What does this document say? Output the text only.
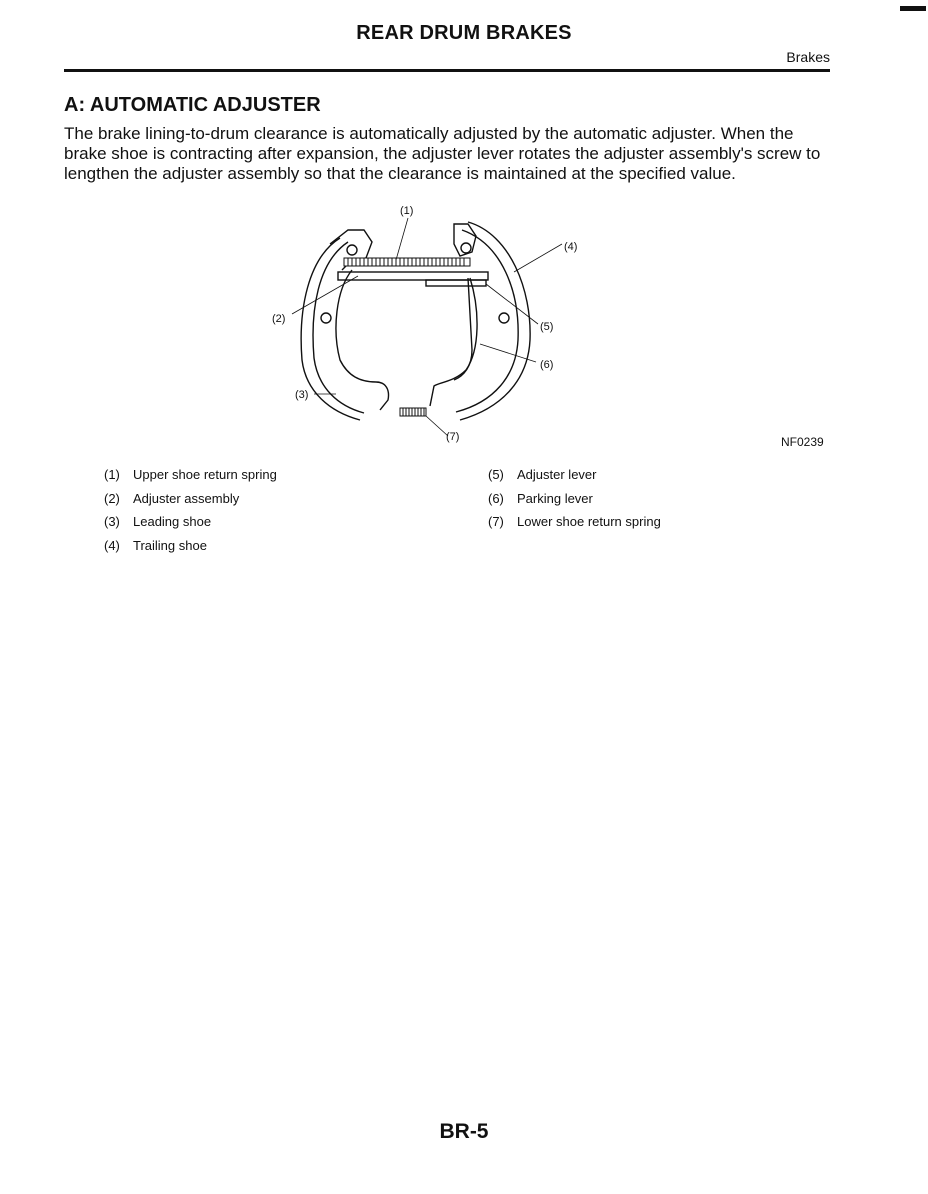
REAR DRUM BRAKES
Brakes
A: AUTOMATIC ADJUSTER
The brake lining-to-drum clearance is automatically adjusted by the automatic adjuster. When the brake shoe is contracting after expansion, the adjuster lever rotates the adjuster assembly's screw to lengthen the adjuster assembly so that the clearance is maintained at the specified value.
(1)
(2)
(3)
(4)
(5)
(6)
(7)	NF0239
(1)	Upper shoe return spring
(2)	Adjuster assembly
(3)	Leading shoe
(4)	Trailing shoe
(5)	Adjuster lever
(6)	Parking lever
(7)	Lower shoe return spring
BR-5
